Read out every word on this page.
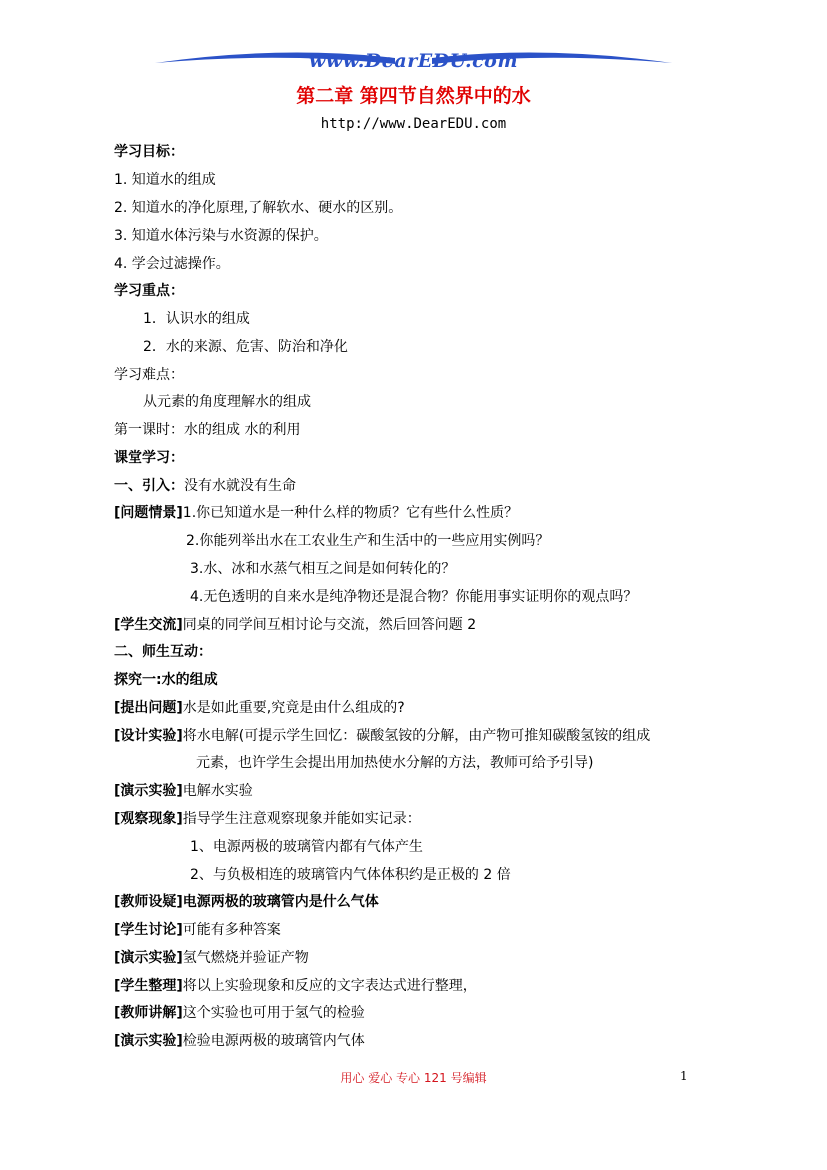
www.DearEDU.com
第二章 第四节自然界中的水
http://www.DearEDU.com
学习目标：
1. 知道水的组成
2. 知道水的净化原理,了解软水、硬水的区别。
3. 知道水体污染与水资源的保护。
4. 学会过滤操作。
学习重点：
1．认识水的组成
2．水的来源、危害、防治和净化
学习难点：
从元素的角度理解水的组成
第一课时：水的组成 水的利用
课堂学习：
一、引入：没有水就没有生命
[问题情景]1.你已知道水是一种什么样的物质？它有些什么性质？
2.你能列举出水在工农业生产和生活中的一些应用实例吗？
3.水、冰和水蒸气相互之间是如何转化的？
4.无色透明的自来水是纯净物还是混合物？你能用事实证明你的观点吗？
[学生交流]同桌的同学间互相讨论与交流，然后回答问题 2
二、师生互动：
探究一:水的组成
[提出问题]水是如此重要,究竟是由什么组成的?
[设计实验]将水电解(可提示学生回忆：碳酸氢铵的分解，由产物可推知碳酸氢铵的组成
元素，也许学生会提出用加热使水分解的方法，教师可给予引导)
[演示实验]电解水实验
[观察现象]指导学生注意观察现象并能如实记录：
1、电源两极的玻璃管内都有气体产生
2、与负极相连的玻璃管内气体体积约是正极的 2 倍
[教师设疑]电源两极的玻璃管内是什么气体
[学生讨论]可能有多种答案
[演示实验]氢气燃烧并验证产物
[学生整理]将以上实验现象和反应的文字表达式进行整理，
[教师讲解]这个实验也可用于氢气的检验
[演示实验]检验电源两极的玻璃管内气体
用心 爱心 专心 121 号编辑	1
